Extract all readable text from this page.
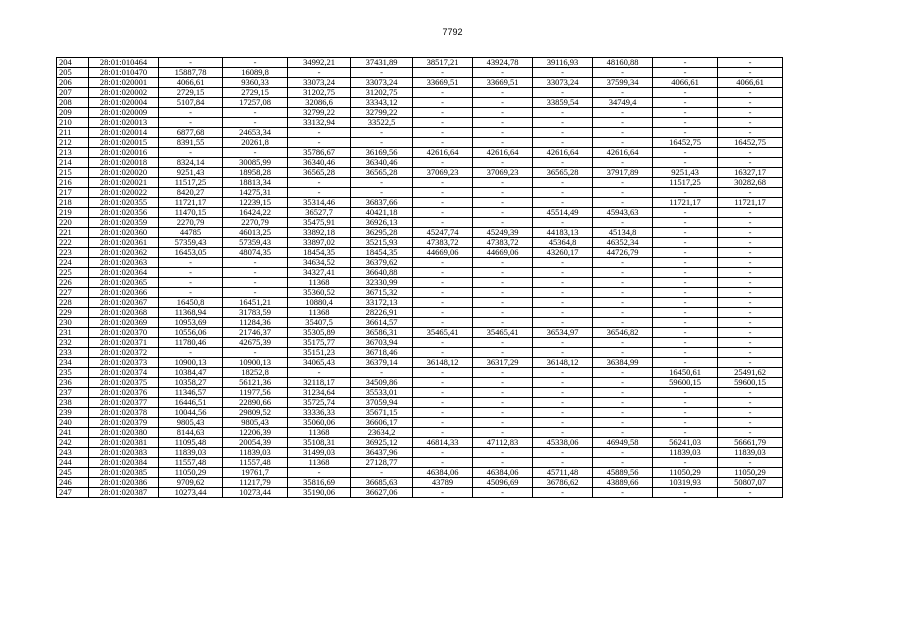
7792
204	28:01:010464	-	-	34992,21	37431,89	38517,21	43924,78	39116,93	48160,88	-	-
205	28:01:010470	15887,78	16089,8	-	-	-	-	-	-	-	-
206	28:01:020001	4066,61	9360,33	33073,24	33073,24	33669,51	33669,51	33073,24	37599,34	4066,61	4066,61
207	28:01:020002	2729,15	2729,15	31202,75	31202,75	-	-	-	-	-	-
208	28:01:020004	5107,84	17257,08	32086,6	33343,12	-	-	33859,54	34749,4	-	-
209	28:01:020009	-	-	32799,22	32799,22	-	-	-	-	-	-
210	28:01:020013	-	-	33132,94	33522,5	-	-	-	-	-	-
211	28:01:020014	6877,68	24653,34	-	-	-	-	-	-	-	-
212	28:01:020015	8391,55	20261,8	-	-	-	-	-	-	16452,75	16452,75
213	28:01:020016	-	-	35786,67	36169,56	42616,64	42616,64	42616,64	42616,64	-	-
214	28:01:020018	8324,14	30085,99	36340,46	36340,46	-	-	-	-	-	-
215	28:01:020020	9251,43	18958,28	36565,28	36565,28	37069,23	37069,23	36565,28	37917,89	9251,43	16327,17
216	28:01:020021	11517,25	18813,34	-	-	-	-	-	-	11517,25	30282,68
217	28:01:020022	8420,27	14275,31	-	-	-	-	-	-	-	-
218	28:01:020355	11721,17	12239,15	35314,46	36837,66	-	-	-	-	11721,17	11721,17
219	28:01:020356	11470,15	16424,22	36527,7	40421,18	-	-	45514,49	45943,63	-	-
220	28:01:020359	2270,79	2270,79	35475,91	36926,13	-	-	-	-	-	-
221	28:01:020360	44785	46013,25	33892,18	36295,28	45247,74	45249,39	44183,13	45134,8	-	-
222	28:01:020361	57359,43	57359,43	33897,02	35215,93	47383,72	47383,72	45364,8	46352,34	-	-
223	28:01:020362	16453,05	48074,35	18454,35	18454,35	44669,06	44669,06	43260,17	44726,79	-	-
224	28:01:020363	-	-	34634,52	36379,62	-	-	-	-	-	-
225	28:01:020364	-	-	34327,41	36640,88	-	-	-	-	-	-
226	28:01:020365	-	-	11368	32330,99	-	-	-	-	-	-
227	28:01:020366	-	-	35360,52	36715,32	-	-	-	-	-	-
228	28:01:020367	16450,8	16451,21	10880,4	33172,13	-	-	-	-	-	-
229	28:01:020368	11368,94	31783,59	11368	28226,91	-	-	-	-	-	-
230	28:01:020369	10953,69	11284,36	35407,5	36614,57	-	-	-	-	-	-
231	28:01:020370	10556,06	21746,37	35305,89	36586,31	35465,41	35465,41	36534,97	36546,82	-	-
232	28:01:020371	11780,46	42675,39	35175,77	36703,94	-	-	-	-	-	-
233	28:01:020372	-	-	35151,23	36718,46	-	-	-	-	-	-
234	28:01:020373	10900,13	10900,13	34065,43	36379,14	36148,12	36317,29	36148,12	36384,99	-	-
235	28:01:020374	10384,47	18252,8	-	-	-	-	-	-	16450,61	25491,62
236	28:01:020375	10358,27	56121,36	32118,17	34509,86	-	-	-	-	59600,15	59600,15
237	28:01:020376	11346,57	11977,56	31234,64	35533,01	-	-	-	-	-	-
238	28:01:020377	16446,51	22890,66	35725,74	37059,94	-	-	-	-	-	-
239	28:01:020378	10044,56	29809,52	33336,33	35671,15	-	-	-	-	-	-
240	28:01:020379	9805,43	9805,43	35060,06	36606,17	-	-	-	-	-	-
241	28:01:020380	8144,63	12206,39	11368	23634,2	-	-	-	-	-	-
242	28:01:020381	11095,48	20054,39	35108,31	36925,12	46814,33	47112,83	45338,06	46949,58	56241,03	56661,79
243	28:01:020383	11839,03	11839,03	31499,03	36437,96	-	-	-	-	11839,03	11839,03
244	28:01:020384	11557,48	11557,48	11368	27128,77	-	-	-	-	-	-
245	28:01:020385	11050,29	19761,7	-	-	46384,06	46384,06	45711,48	45889,56	11050,29	11050,29
246	28:01:020386	9709,62	11217,79	35816,69	36685,63	43789	45096,69	36786,62	43889,66	10319,93	50807,07
247	28:01:020387	10273,44	10273,44	35190,06	36627,06	-	-	-	-	-	-
